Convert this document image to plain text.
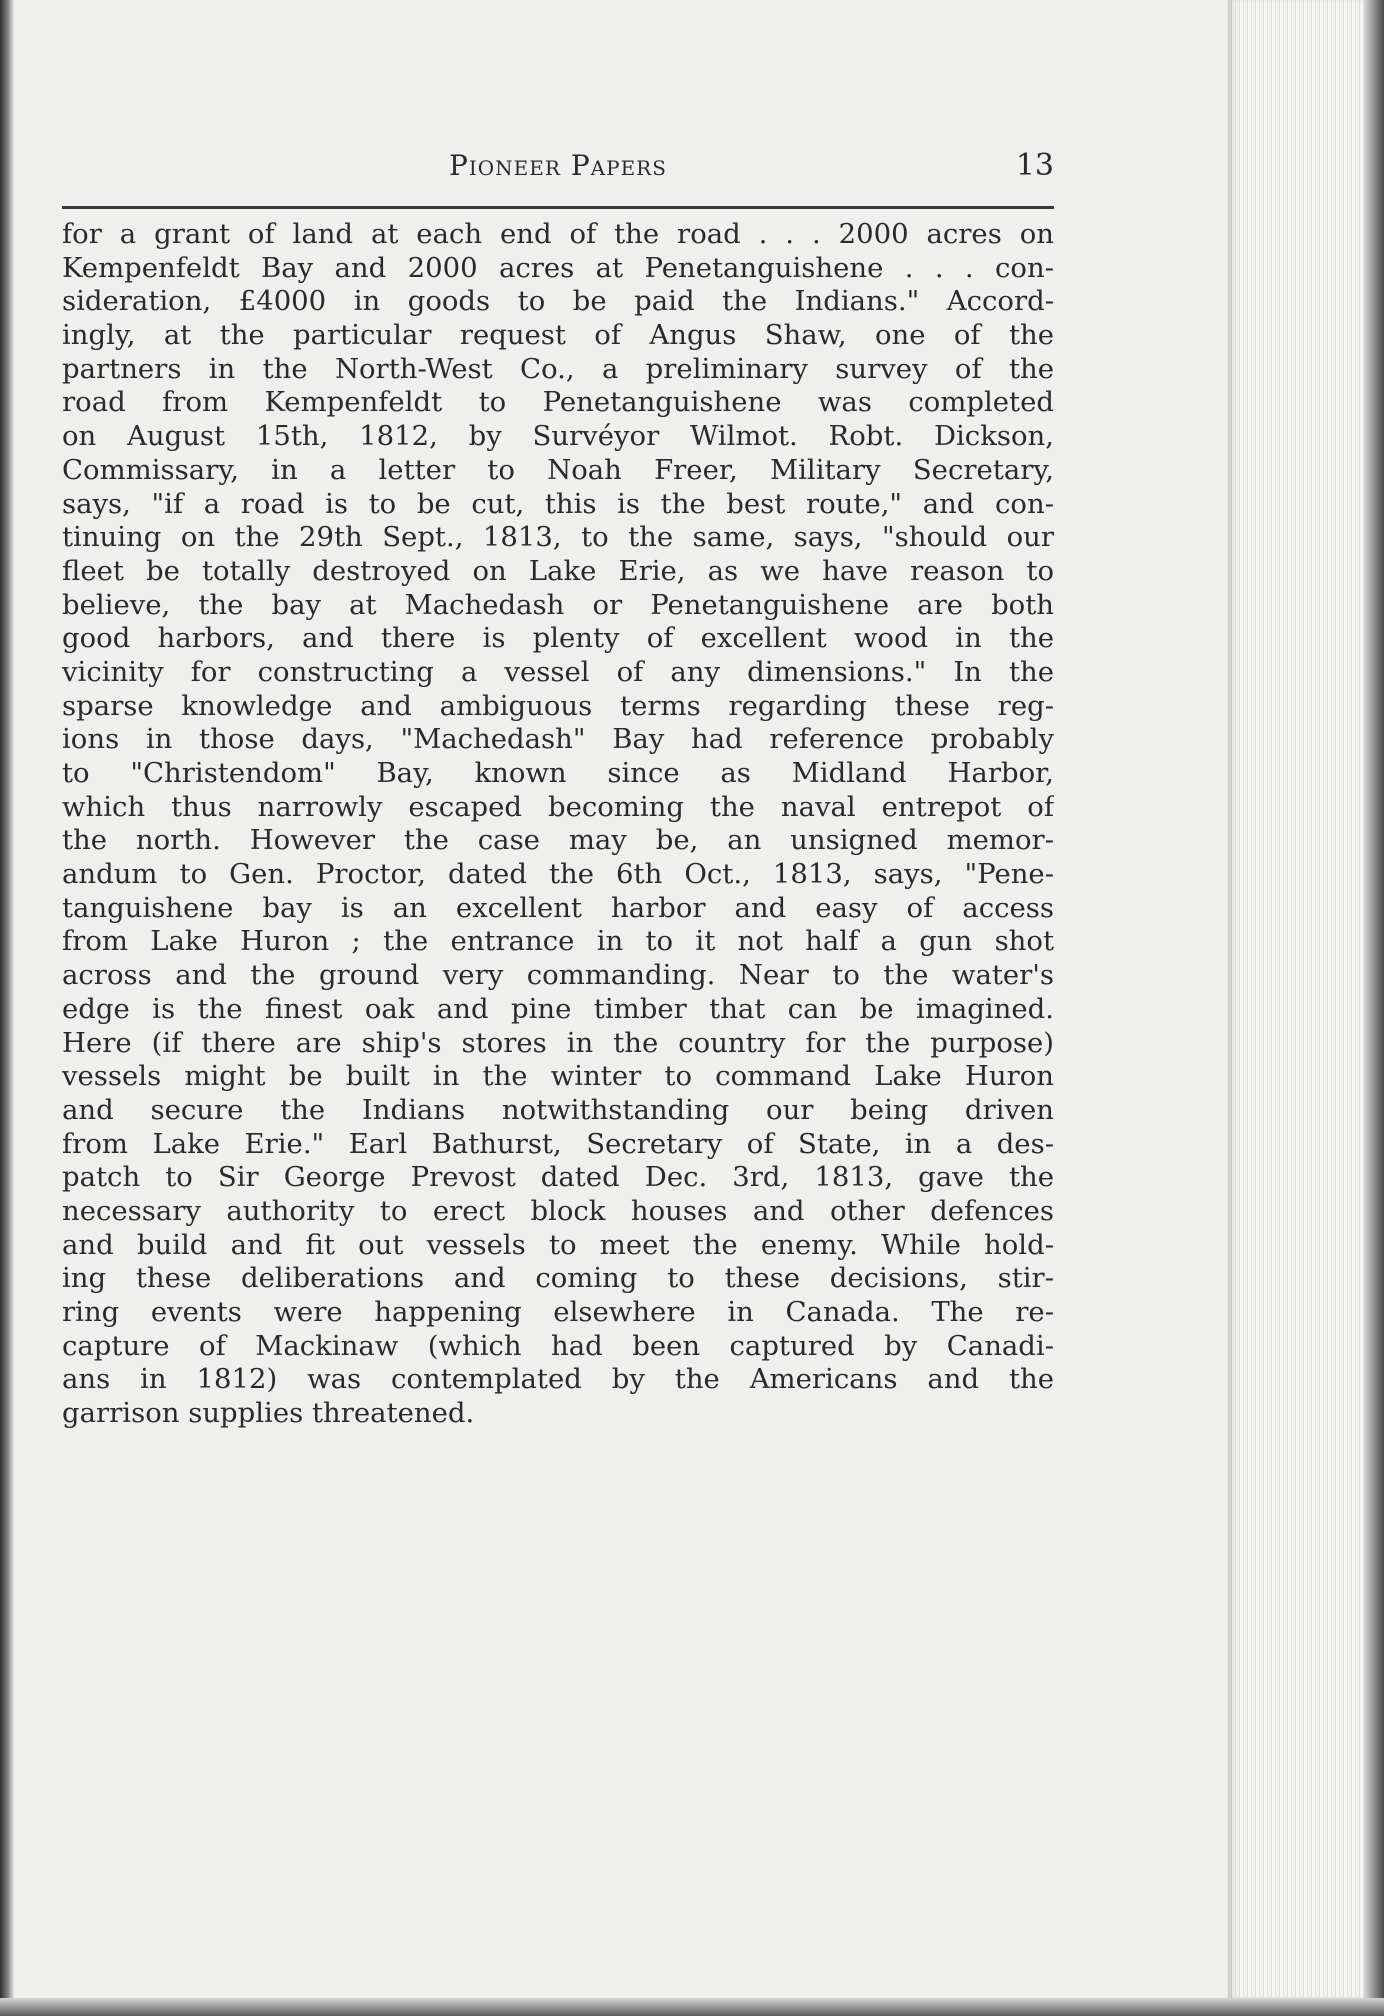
Pioneer Papers	13
for a grant of land at each end of the road . . . 2000 acres on
Kempenfeldt Bay and 2000 acres at Penetanguishene . . . con-
sideration, £4000 in goods to be paid the Indians." Accord-
ingly, at the particular request of Angus Shaw, one of the
partners in the North-West Co., a preliminary survey of the
road from Kempenfeldt to Penetanguishene was completed
on August 15th, 1812, by Survéyor Wilmot. Robt. Dickson,
Commissary, in a letter to Noah Freer, Military Secretary,
says, "if a road is to be cut, this is the best route," and con-
tinuing on the 29th Sept., 1813, to the same, says, "should our
fleet be totally destroyed on Lake Erie, as we have reason to
believe, the bay at Machedash or Penetanguishene are both
good harbors, and there is plenty of excellent wood in the
vicinity for constructing a vessel of any dimensions." In the
sparse knowledge and ambiguous terms regarding these reg-
ions in those days, "Machedash" Bay had reference probably
to "Christendom" Bay, known since as Midland Harbor,
which thus narrowly escaped becoming the naval entrepot of
the north. However the case may be, an unsigned memor-
andum to Gen. Proctor, dated the 6th Oct., 1813, says, "Pene-
tanguishene bay is an excellent harbor and easy of access
from Lake Huron ; the entrance in to it not half a gun shot
across and the ground very commanding. Near to the water's
edge is the finest oak and pine timber that can be imagined.
Here (if there are ship's stores in the country for the purpose)
vessels might be built in the winter to command Lake Huron
and secure the Indians notwithstanding our being driven
from Lake Erie." Earl Bathurst, Secretary of State, in a des-
patch to Sir George Prevost dated Dec. 3rd, 1813, gave the
necessary authority to erect block houses and other defences
and build and fit out vessels to meet the enemy. While hold-
ing these deliberations and coming to these decisions, stir-
ring events were happening elsewhere in Canada. The re-
capture of Mackinaw (which had been captured by Canadi-
ans in 1812) was contemplated by the Americans and the
garrison supplies threatened.
